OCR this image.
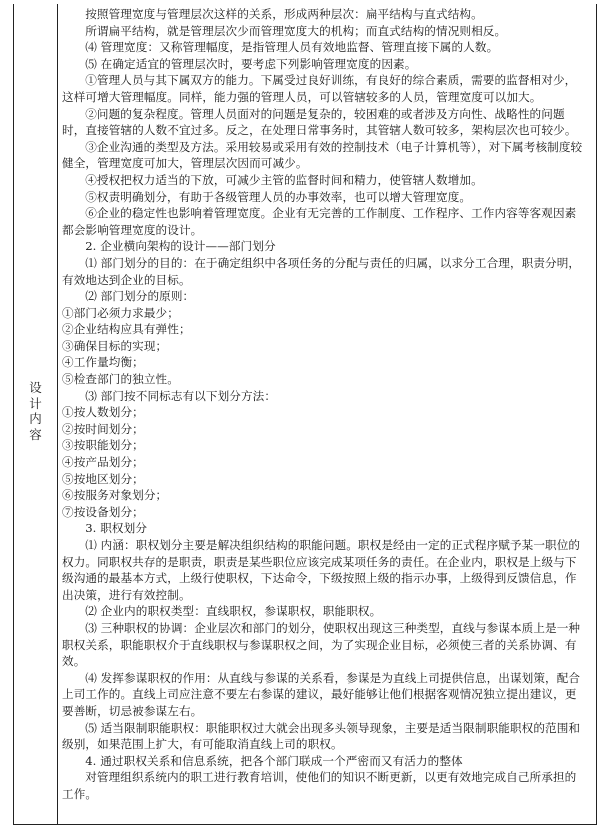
设
计
内
容

按照管理宽度与管理层次这样的关系，形成两种层次：扁平结构与直式结构。

所谓扁平结构，就是管理层次少而管理宽度大的机构；而直式结构的情况则相反。

⑷ 管理宽度：又称管理幅度，是指管理人员有效地监督、管理直接下属的人数。

⑸ 在确定适宜的管理层次时，要考虑下列影响管理宽度的因素。

①管理人员与其下属双方的能力。下属受过良好训练，有良好的综合素质，需要的监督相对少，这样可增大管理幅度。同样，能力强的管理人员，可以管辖较多的人员，管理宽度可以加大。

②问题的复杂程度。管理人员面对的问题是复杂的，较困难的或者涉及方向性、战略性的问题时，直接管辖的人数不宜过多。反之，在处理日常事务时，其管辖人数可较多，架构层次也可较少。

③企业沟通的类型及方法。采用较易或采用有效的控制技术（电子计算机等），对下属考核制度较健全，管理宽度可加大，管理层次因而可减少。

④授权把权力适当的下放，可减少主管的监督时间和精力，使管辖人数增加。

⑤权责明确划分，有助于各级管理人员的办事效率，也可以增大管理宽度。

⑥企业的稳定性也影响着管理宽度。企业有无完善的工作制度、工作程序、工作内容等客观因素都会影响管理宽度的设计。

2. 企业横向架构的设计——部门划分

⑴ 部门划分的目的：在于确定组织中各项任务的分配与责任的归属，以求分工合理，职责分明，有效地达到企业的目标。

⑵ 部门划分的原则：

①部门必须力求最少；

②企业结构应具有弹性；

③确保目标的实现；

④工作量均衡；

⑤检查部门的独立性。

⑶ 部门按不同标志有以下划分方法：

①按人数划分；

②按时间划分；

③按职能划分；

④按产品划分；

⑤按地区划分；

⑥按服务对象划分；

⑦按设备划分；

3. 职权划分

⑴ 内涵：职权划分主要是解决组织结构的职能问题。职权是经由一定的正式程序赋予某一职位的权力。同职权共存的是职责，职责是某些职位应该完成某项任务的责任。在企业内，职权是上级与下级沟通的最基本方式，上级行使职权，下达命令，下级按照上级的指示办事，上级得到反馈信息，作出决策，进行有效控制。

⑵ 企业内的职权类型：直线职权，参谋职权，职能职权。

⑶ 三种职权的协调：企业层次和部门的划分，使职权出现这三种类型，直线与参谋本质上是一种职权关系，职能职权介于直线职权与参谋职权之间，为了实现企业目标，必须使三者的关系协调、有效。

⑷ 发挥参谋职权的作用：从直线与参谋的关系看，参谋是为直线上司提供信息，出谋划策，配合上司工作的。直线上司应注意不要左右参谋的建议，最好能够让他们根据客观情况独立提出建议，更要善断，切忌被参谋左右。

⑸ 适当限制职能职权：职能职权过大就会出现多头领导现象，主要是适当限制职能职权的范围和级别，如果范围上扩大，有可能取消直线上司的职权。

4. 通过职权关系和信息系统，把各个部门联成一个严密而又有活力的整体

对管理组织系统内的职工进行教育培训，使他们的知识不断更新，以更有效地完成自己所承担的工作。
